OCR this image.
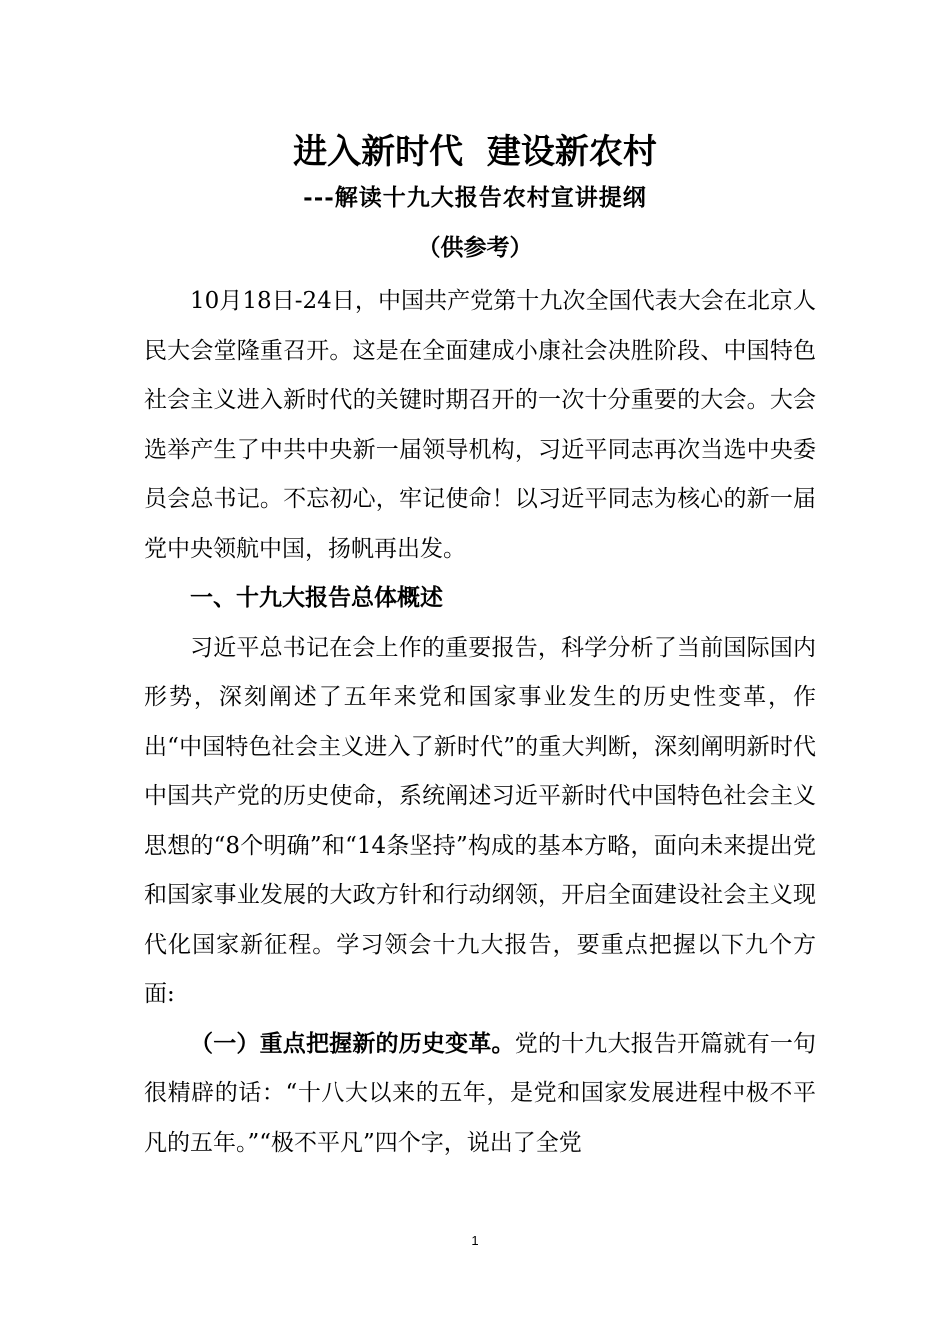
进入新时代  建设新农村
---解读十九大报告农村宣讲提纲
（供参考）

10月18日-24日，中国共产党第十九次全国代表大会在北京人民大会堂隆重召开。这是在全面建成小康社会决胜阶段、中国特色社会主义进入新时代的关键时期召开的一次十分重要的大会。大会选举产生了中共中央新一届领导机构，习近平同志再次当选中央委员会总书记。不忘初心，牢记使命！以习近平同志为核心的新一届党中央领航中国，扬帆再出发。

一、十九大报告总体概述

习近平总书记在会上作的重要报告，科学分析了当前国际国内形势，深刻阐述了五年来党和国家事业发生的历史性变革，作出“中国特色社会主义进入了新时代”的重大判断，深刻阐明新时代中国共产党的历史使命，系统阐述习近平新时代中国特色社会主义思想的“8个明确”和“14条坚持”构成的基本方略，面向未来提出党和国家事业发展的大政方针和行动纲领，开启全面建设社会主义现代化国家新征程。学习领会十九大报告，要重点把握以下九个方面:

（一）重点把握新的历史变革。党的十九大报告开篇就有一句很精辟的话：“十八大以来的五年，是党和国家发展进程中极不平凡的五年。”“极不平凡”四个字，说出了全党

1
